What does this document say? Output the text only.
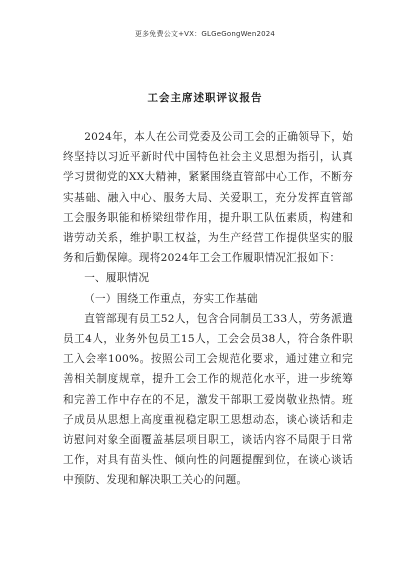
更多免费公文+VX：GLGeGongWen2024
工会主席述职评议报告

2024年，本人在公司党委及公司工会的正确领导下，始终坚持以习近平新时代中国特色社会主义思想为指引，认真学习贯彻党的XX大精神，紧紧围绕直管部中心工作，不断夯实基础、融入中心、服务大局、关爱职工，充分发挥直管部工会服务职能和桥梁纽带作用，提升职工队伍素质，构建和谐劳动关系，维护职工权益，为生产经营工作提供坚实的服务和后勤保障。现将2024年工会工作履职情况汇报如下：

一、履职情况

（一）围绕工作重点，夯实工作基础

直管部现有员工52人，包含合同制员工33人，劳务派遣员工4人，业务外包员工15人，工会会员38人，符合条件职工入会率100%。按照公司工会规范化要求，通过建立和完善相关制度规章，提升工会工作的规范化水平，进一步统筹和完善工作中存在的不足，激发干部职工爱岗敬业热情。班子成员从思想上高度重视稳定职工思想动态，谈心谈话和走访慰问对象全面覆盖基层项目职工，谈话内容不局限于日常工作，对具有苗头性、倾向性的问题提醒到位，在谈心谈话中预防、发现和解决职工关心的问题。
